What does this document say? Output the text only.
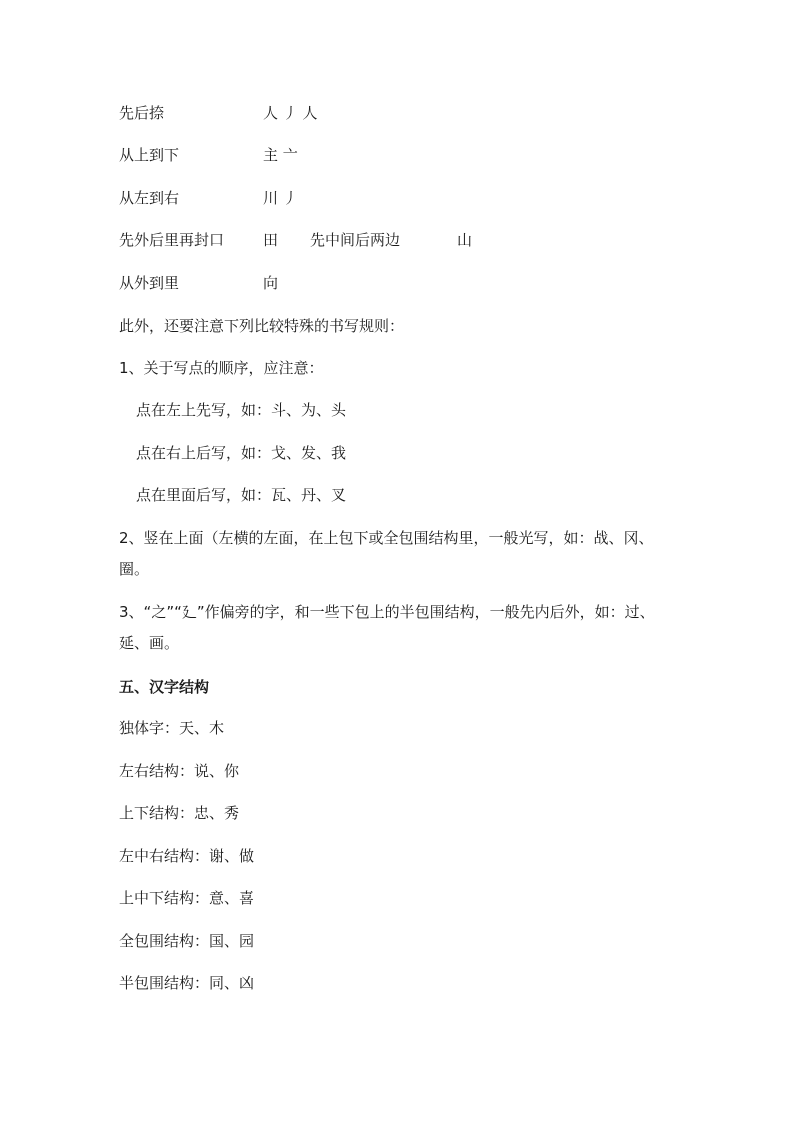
先后捺	人 丿 人
从上到下	主 亠
从左到右	川 丿
先外后里再封口	田 先中间后两边	山
从外到里	向
此外，还要注意下列比较特殊的书写规则：
1、关于写点的顺序，应注意：
点在左上先写，如：斗、为、头
点在右上后写，如：戈、发、我
点在里面后写，如：瓦、丹、叉
2、竖在上面（左横的左面，在上包下或全包围结构里，一般光写，如：战、冈、
圈。
3、“之”“廴”作偏旁的字，和一些下包上的半包围结构，一般先内后外，如：过、
延、画。
五、汉字结构
独体字：天、木
左右结构：说、你
上下结构：忠、秀
左中右结构：谢、做
上中下结构：意、喜
全包围结构：国、园
半包围结构：同、凶
